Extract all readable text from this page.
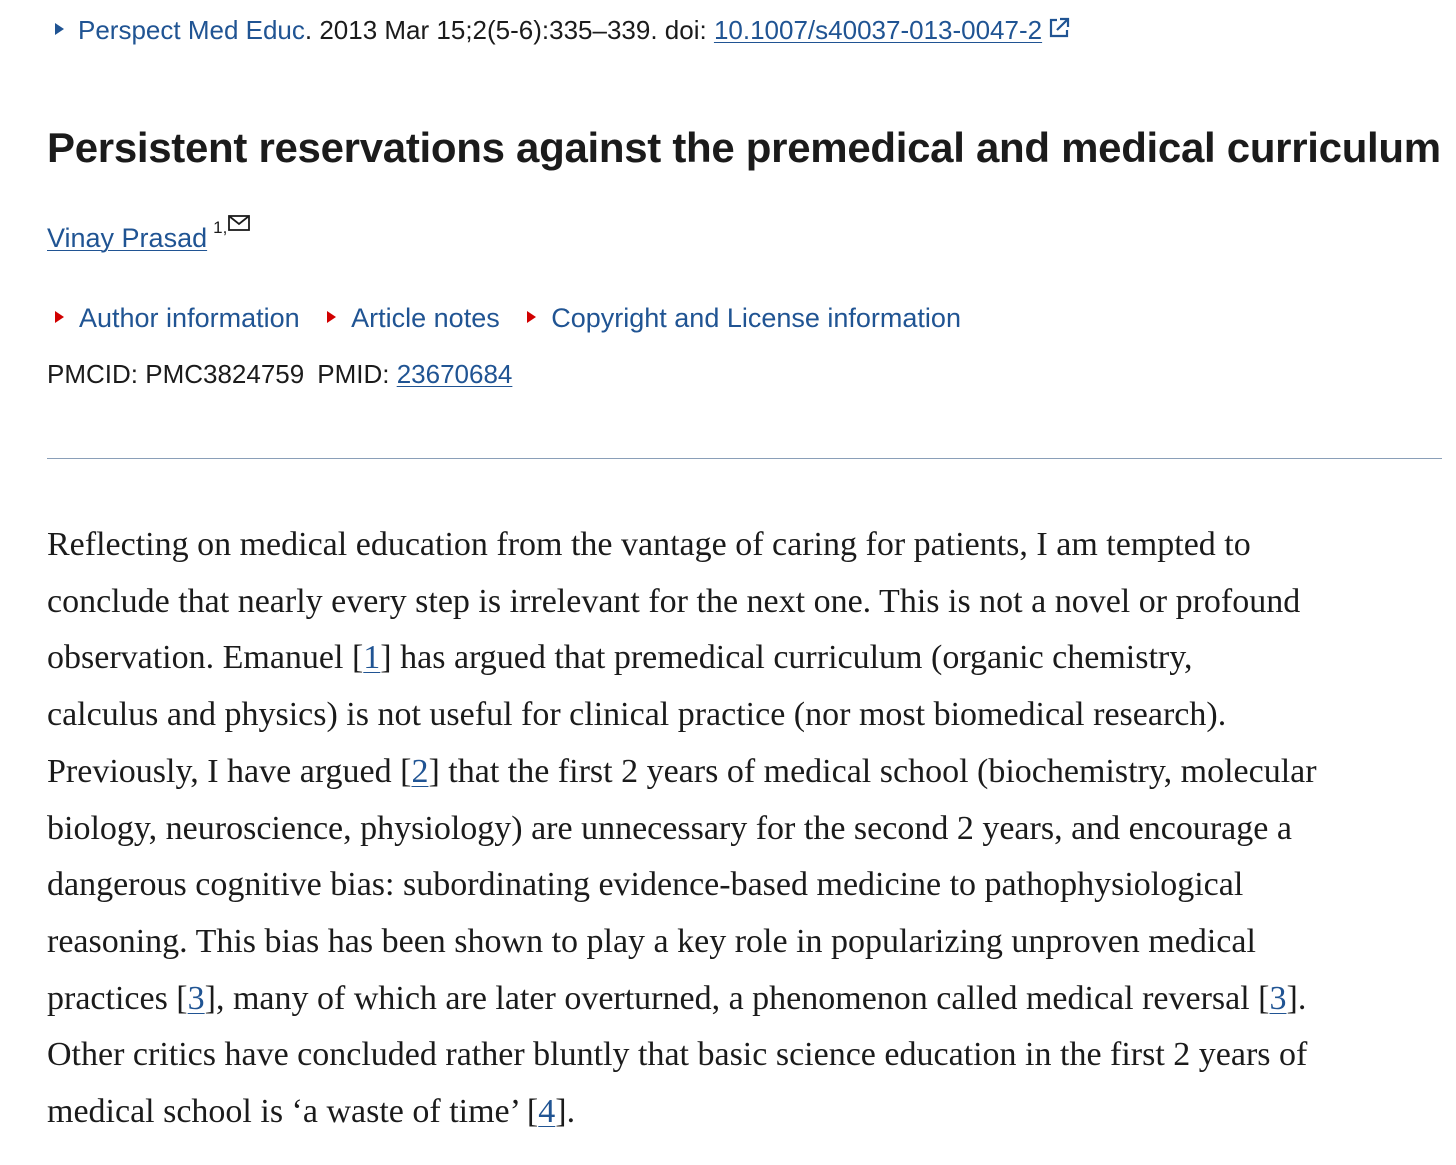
Perspect Med Educ. 2013 Mar 15;2(5-6):335–339. doi: 10.1007/s40037-013-0047-2
Persistent reservations against the premedical and medical curriculum
Vinay Prasad $^{1,}$
Author information Article notes Copyright and License information
PMCID: PMC3824759 PMID: 23670684

Reflecting on medical education from the vantage of caring for patients, I am tempted to
conclude that nearly every step is irrelevant for the next one. This is not a novel or profound
observation. Emanuel [1] has argued that premedical curriculum (organic chemistry,
calculus and physics) is not useful for clinical practice (nor most biomedical research).
Previously, I have argued [2] that the first 2 years of medical school (biochemistry, molecular
biology, neuroscience, physiology) are unnecessary for the second 2 years, and encourage a
dangerous cognitive bias: subordinating evidence-based medicine to pathophysiological
reasoning. This bias has been shown to play a key role in popularizing unproven medical
practices [3], many of which are later overturned, a phenomenon called medical reversal [3].
Other critics have concluded rather bluntly that basic science education in the first 2 years of
medical school is ‘a waste of time’ [4].
